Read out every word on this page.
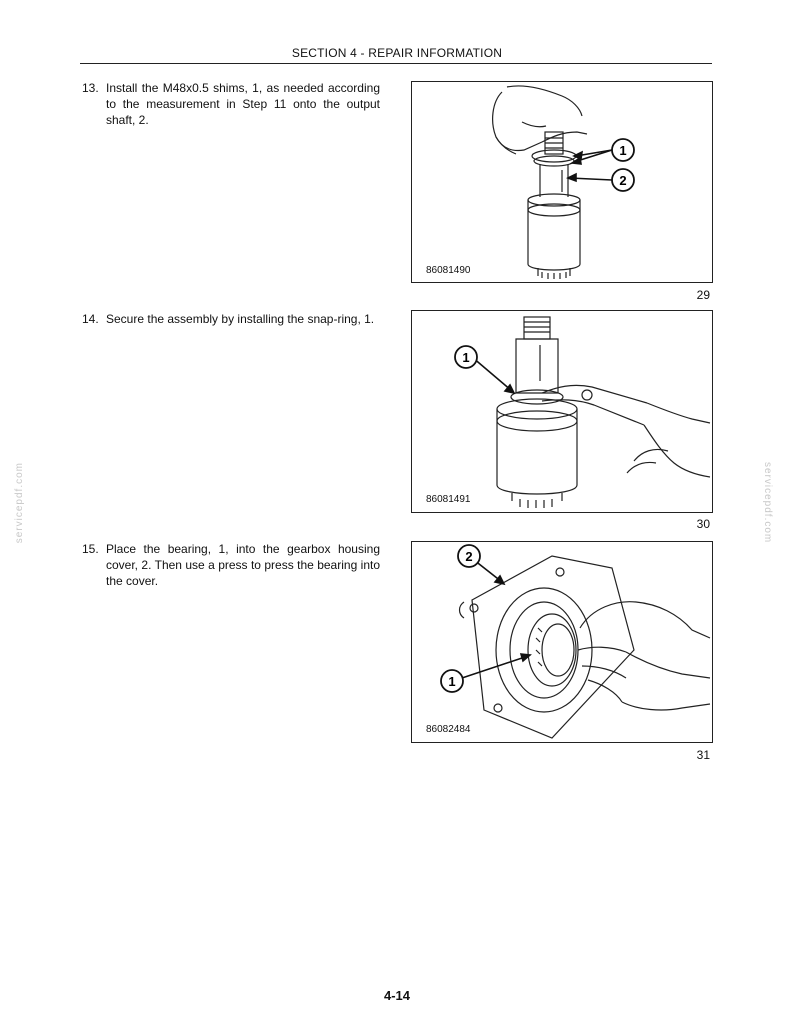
SECTION 4 - REPAIR INFORMATION
13. Install the M48x0.5 shims, 1, as needed according to the measurement in Step 11 onto the output shaft, 2.
1
2
86081490
29
14. Secure the assembly by installing the snap-ring, 1.
1
86081491
30
15. Place the bearing, 1, into the gearbox housing cover, 2. Then use a press to press the bearing into the cover.
2
1
86082484
31
servicepdf.com	servicepdf.com
4-14
